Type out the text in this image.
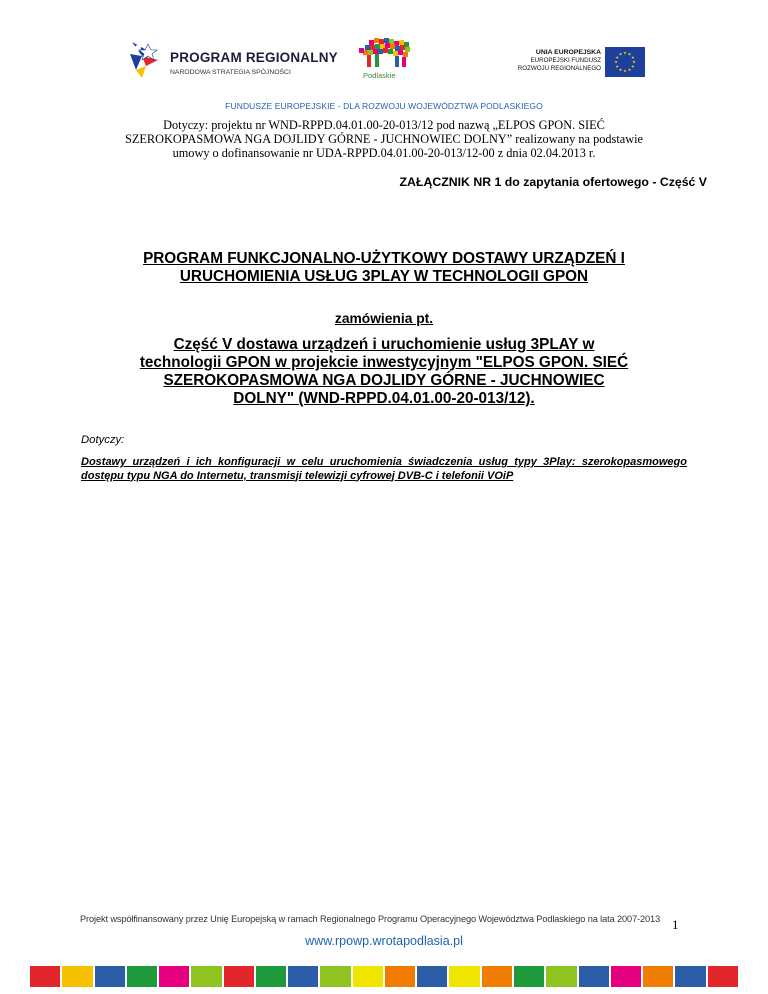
PROGRAM REGIONALNY
NARODOWA STRATEGIA SPÓJNOŚCI	Podlaskie
UNIA EUROPEJSKA
EUROPEJSKI FUNDUSZ
ROZWOJU REGIONALNEGO
FUNDUSZE EUROPEJSKIE - DLA ROZWOJU WOJEWÓDZTWA PODLASKIEGO
Dotyczy: projektu nr WND-RPPD.04.01.00-20-013/12 pod nazwą „ELPOS GPON. SIEĆ
SZEROKOPASMOWA NGA DOJLIDY GÓRNE - JUCHNOWIEC DOLNY” realizowany na podstawie
umowy o dofinansowanie nr UDA-RPPD.04.01.00-20-013/12-00 z dnia 02.04.2013 r.
ZAŁĄCZNIK NR 1 do zapytania ofertowego - Część V
PROGRAM FUNKCJONALNO-UŻYTKOWY DOSTAWY URZĄDZEŃ I
URUCHOMIENIA USŁUG 3PLAY W TECHNOLOGII GPON
zamówienia pt.
Część V dostawa urządzeń i uruchomienie usług 3PLAY w
technologii GPON w projekcie inwestycyjnym "ELPOS GPON. SIEĆ
SZEROKOPASMOWA NGA DOJLIDY GÓRNE - JUCHNOWIEC
DOLNY" (WND-RPPD.04.01.00-20-013/12).
Dotyczy:
Dostawy urządzeń i ich konfiguracji w celu uruchomienia świadczenia usług typy 3Play: szerokopasmowego dostępu typu NGA do Internetu, transmisji telewizji cyfrowej DVB-C i telefonii VOiP
Projekt współfinansowany przez Unię Europejską w ramach Regionalnego Programu Operacyjnego Województwa Podlaskiego na lata 2007-2013 1
www.rpowp.wrotapodlasia.pl
